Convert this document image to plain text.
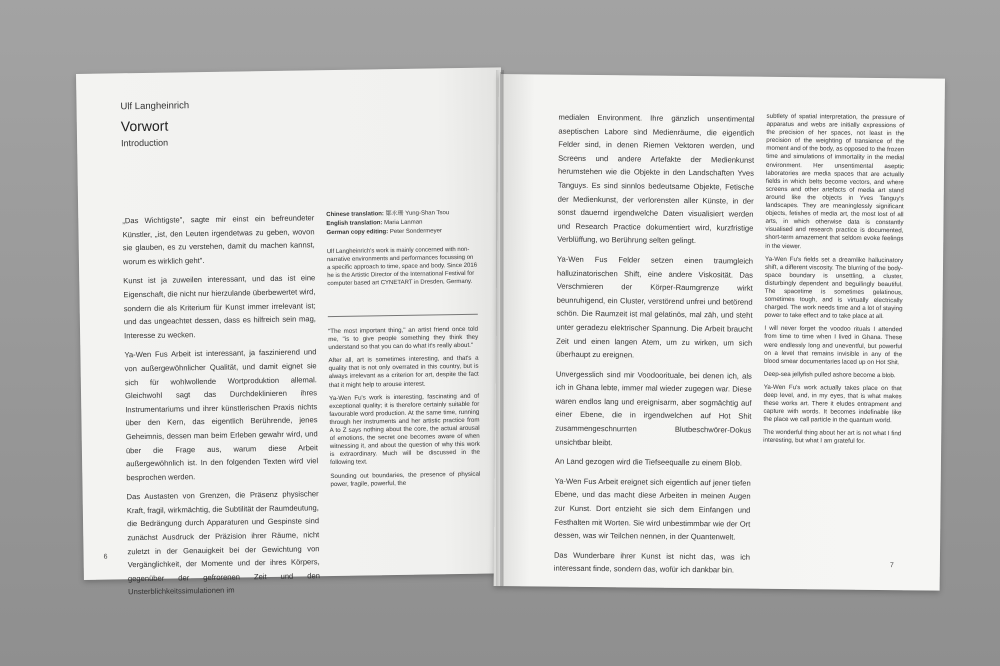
Ulf Langheinrich
Vorwort
Introduction
Chinese translation: 鄒永珊 Yung-Shan Tsou
English translation: Maria Lanman
German copy editing: Peter Sondermeyer
Ulf Langheinrich's work is mainly concerned with non-narrative environments and performances focussing on a specific approach to time, space and body. Since 2016 he is the Artistic Director of the International Festival for computer based art CYNETART in Dresden, Germany.

„Das Wichtigste", sagte mir einst ein befreundeter Künstler, „ist, den Leuten irgendetwas zu geben, wovon sie glauben, es zu verstehen, damit du machen kannst, worum es wirklich geht".

Kunst ist ja zuweilen interessant, und das ist eine Eigenschaft, die nicht nur hierzulande überbewertet wird, sondern die als Kriterium für Kunst immer irrelevant ist; und das ungeachtet dessen, dass es hilfreich sein mag, Interesse zu wecken.

Ya-Wen Fus Arbeit ist interessant, ja faszinierend und von außergewöhnlicher Qualität, und damit eignet sie sich für wohlwollende Wortproduktion allemal. Gleichwohl sagt das Durchdeklinieren ihres Instrumentariums und ihrer künstlerischen Praxis nichts über den Kern, das eigentlich Berührende, jenes Geheimnis, dessen man beim Erleben gewahr wird, und über die Frage aus, warum diese Arbeit außergewöhnlich ist. In den folgenden Texten wird viel besprochen werden.

Das Austasten von Grenzen, die Präsenz physischer Kraft, fragil, wirkmächtig, die Subtilität der Raumdeutung, die Bedrängung durch Apparaturen und Gespinste sind zunächst Ausdruck der Präzision ihrer Räume, nicht zuletzt in der Genauigkeit bei der Gewichtung von Vergänglichkeit, der Momente und der ihres Körpers, gegenüber der gefrorenen Zeit und den Unsterblichkeitssimulationen im

"The most important thing," an artist friend once told me, "is to give people something they think they understand so that you can do what it's really about."

After all, art is sometimes interesting, and that's a quality that is not only overrated in this country, but is always irrelevant as a criterion for art, despite the fact that it might help to arouse interest.

Ya-Wen Fu's work is interesting, fascinating and of exceptional quality; it is therefore certainly suitable for favourable word production. At the same time, running through her instruments and her artistic practice from A to Z says nothing about the core, the actual arousal of emotions, the secret one becomes aware of when witnessing it, and about the question of why this work is extraordinary. Much will be discussed in the following text.

Sounding out boundaries, the presence of physical power, fragile, powerful, the

6

medialen Environment. Ihre gänzlich unsentimental aseptischen Labore sind Medienräume, die eigentlich Felder sind, in denen Riemen Vektoren werden, und Screens und andere Artefakte der Medienkunst herumstehen wie die Objekte in den Landschaften Yves Tanguys. Es sind sinnlos bedeutsame Objekte, Fetische der Medienkunst, der verlorensten aller Künste, in der sonst dauernd irgendwelche Daten visualisiert werden und Research Practice dokumentiert wird, kurzfristige Verblüffung, wo Berührung selten gelingt.

Ya-Wen Fus Felder setzen einen traumgleich halluzinatorischen Shift, eine andere Viskosität. Das Verschmieren der Körper-Raumgrenze wirkt beunruhigend, ein Cluster, verstörend unfrei und betörend schön. Die Raumzeit ist mal gelatinös, mal zäh, und steht unter geradezu elektrischer Spannung. Die Arbeit braucht Zeit und einen langen Atem, um zu wirken, um sich überhaupt zu ereignen.

Unvergesslich sind mir Voodoorituale, bei denen ich, als ich in Ghana lebte, immer mal wieder zugegen war. Diese waren endlos lang und ereignisarm, aber sogmächtig auf einer Ebene, die in irgendwelchen auf Hot Shit zusammengeschnurrten Blutbeschwörer-Dokus unsichtbar bleibt.

An Land gezogen wird die Tiefseequalle zu einem Blob.

Ya-Wen Fus Arbeit ereignet sich eigentlich auf jener tiefen Ebene, und das macht diese Arbeiten in meinen Augen zur Kunst. Dort entzieht sie sich dem Einfangen und Festhalten mit Worten. Sie wird unbestimmbar wie der Ort dessen, was wir Teilchen nennen, in der Quantenwelt.

Das Wunderbare ihrer Kunst ist nicht das, was ich interessant finde, sondern das, wofür ich dankbar bin.

subtlety of spatial interpretation, the pressure of apparatus and webs are initially expressions of the precision of her spaces, not least in the precision of the weighting of transience of the moment and of the body, as opposed to the frozen time and simulations of immortality in the medial environment. Her unsentimental aseptic laboratories are media spaces that are actually fields in which belts become vectors, and where screens and other artefacts of media art stand around like the objects in Yves Tanguy's landscapes. They are meaninglessly significant objects, fetishes of media art, the most lost of all arts, in which otherwise data is constantly visualised and research practice is documented, short-term amazement that seldom evoke feelings in the viewer.

Ya-Wen Fu's fields set a dreamlike hallucinatory shift, a different viscosity. The blurring of the body-space boundary is unsettling, a cluster, disturbingly dependent and beguilingly beautiful. The spacetime is sometimes gelatinous, sometimes tough, and is virtually electrically charged. The work needs time and a lot of staying power to take effect and to take place at all.

I will never forget the voodoo rituals I attended from time to time when I lived in Ghana. These were endlessly long and uneventful, but powerful on a level that remains invisible in any of the blood smear documentaries laced up on Hot Shit.

Deep-sea jellyfish pulled ashore become a blob.

Ya-Wen Fu's work actually takes place on that deep level, and, in my eyes, that is what makes these works art. There it eludes entrapment and capture with words. It becomes indefinable like the place we call particle in the quantum world.

The wonderful thing about her art is not what I find interesting, but what I am grateful for.

7
